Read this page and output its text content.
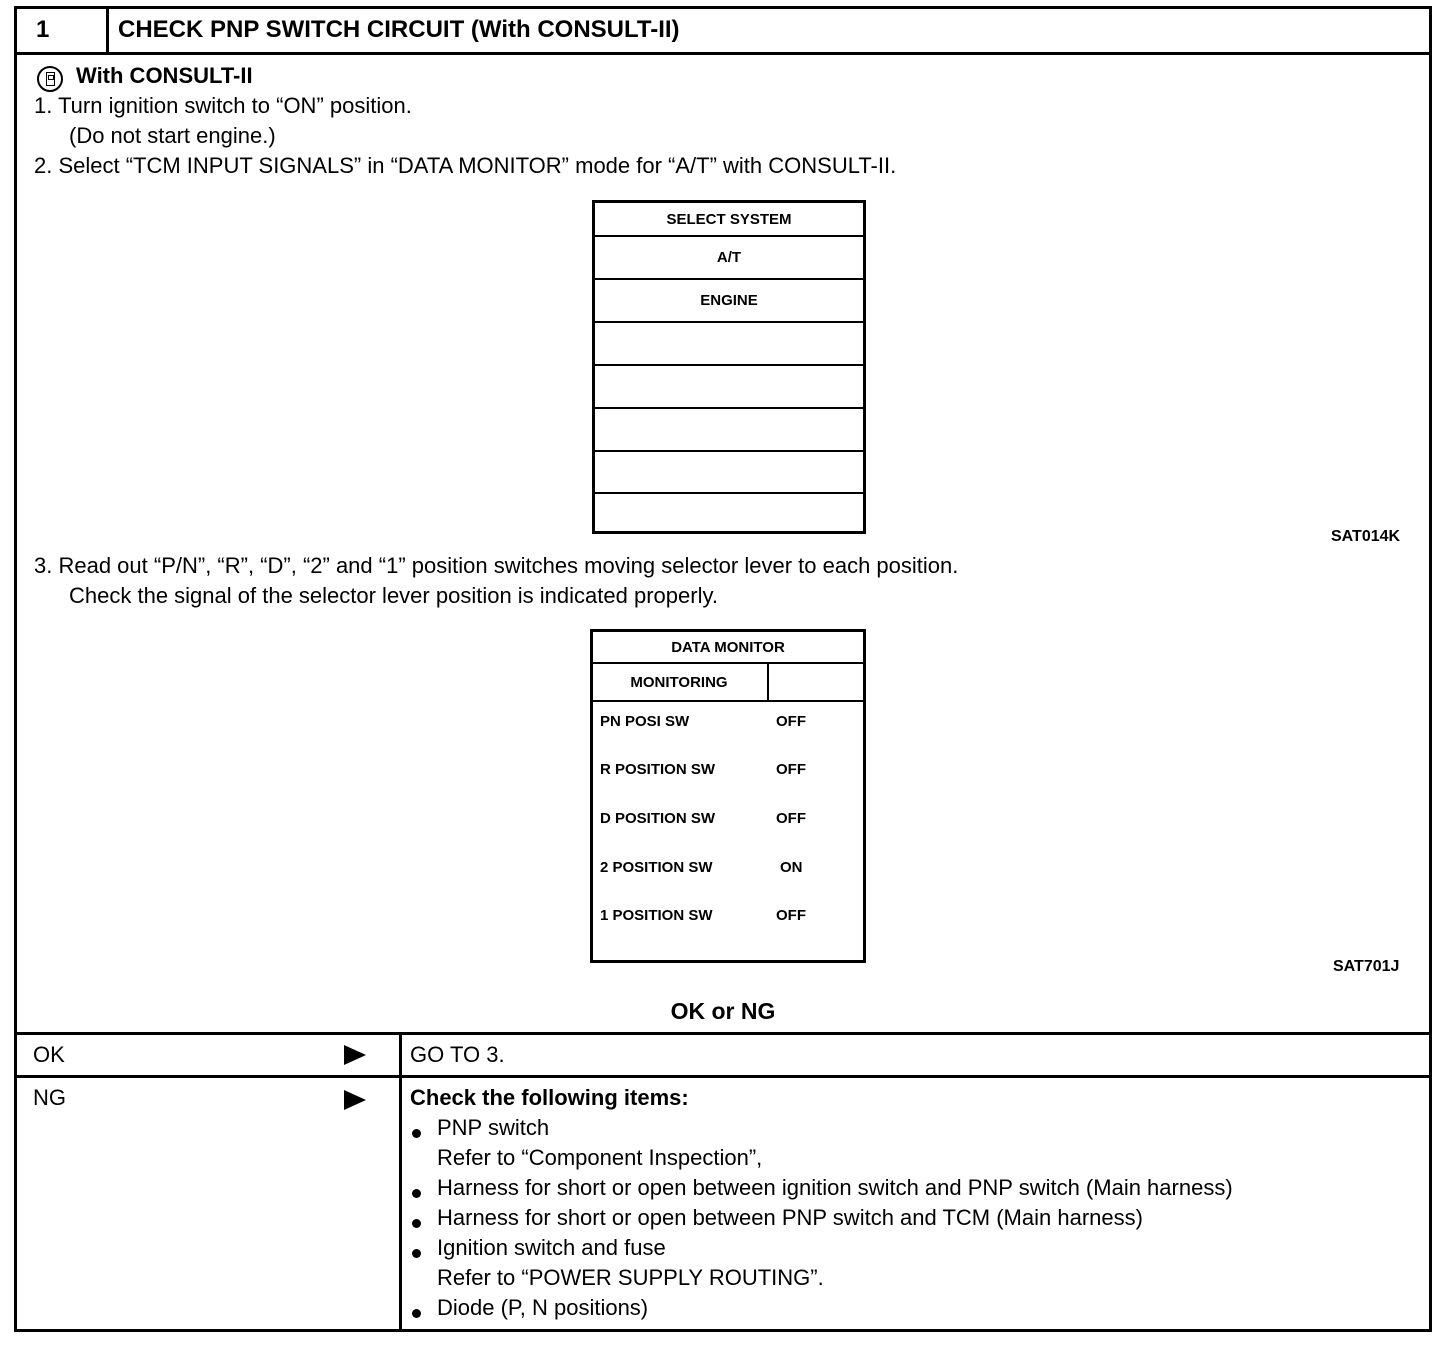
1	CHECK PNP SWITCH CIRCUIT (With CONSULT-II)
With CONSULT-II
1. Turn ignition switch to “ON” position.
(Do not start engine.)
2. Select “TCM INPUT SIGNALS” in “DATA MONITOR” mode for “A/T” with CONSULT-II.
SELECT SYSTEM
A/T
ENGINE
SAT014K
3. Read out “P/N”, “R”, “D”, “2” and “1” position switches moving selector lever to each position.
Check the signal of the selector lever position is indicated properly.
DATA MONITOR
MONITORING
PN POSI SW	OFF
R POSITION SW	OFF
D POSITION SW	OFF
2 POSITION SW	ON
1 POSITION SW	OFF
SAT701J
OK or NG
OK	GO TO 3.
NG	Check the following items:
PNP switch
Refer to “Component Inspection”,
Harness for short or open between ignition switch and PNP switch (Main harness)
Harness for short or open between PNP switch and TCM (Main harness)
Ignition switch and fuse
Refer to “POWER SUPPLY ROUTING”.
Diode (P, N positions)
